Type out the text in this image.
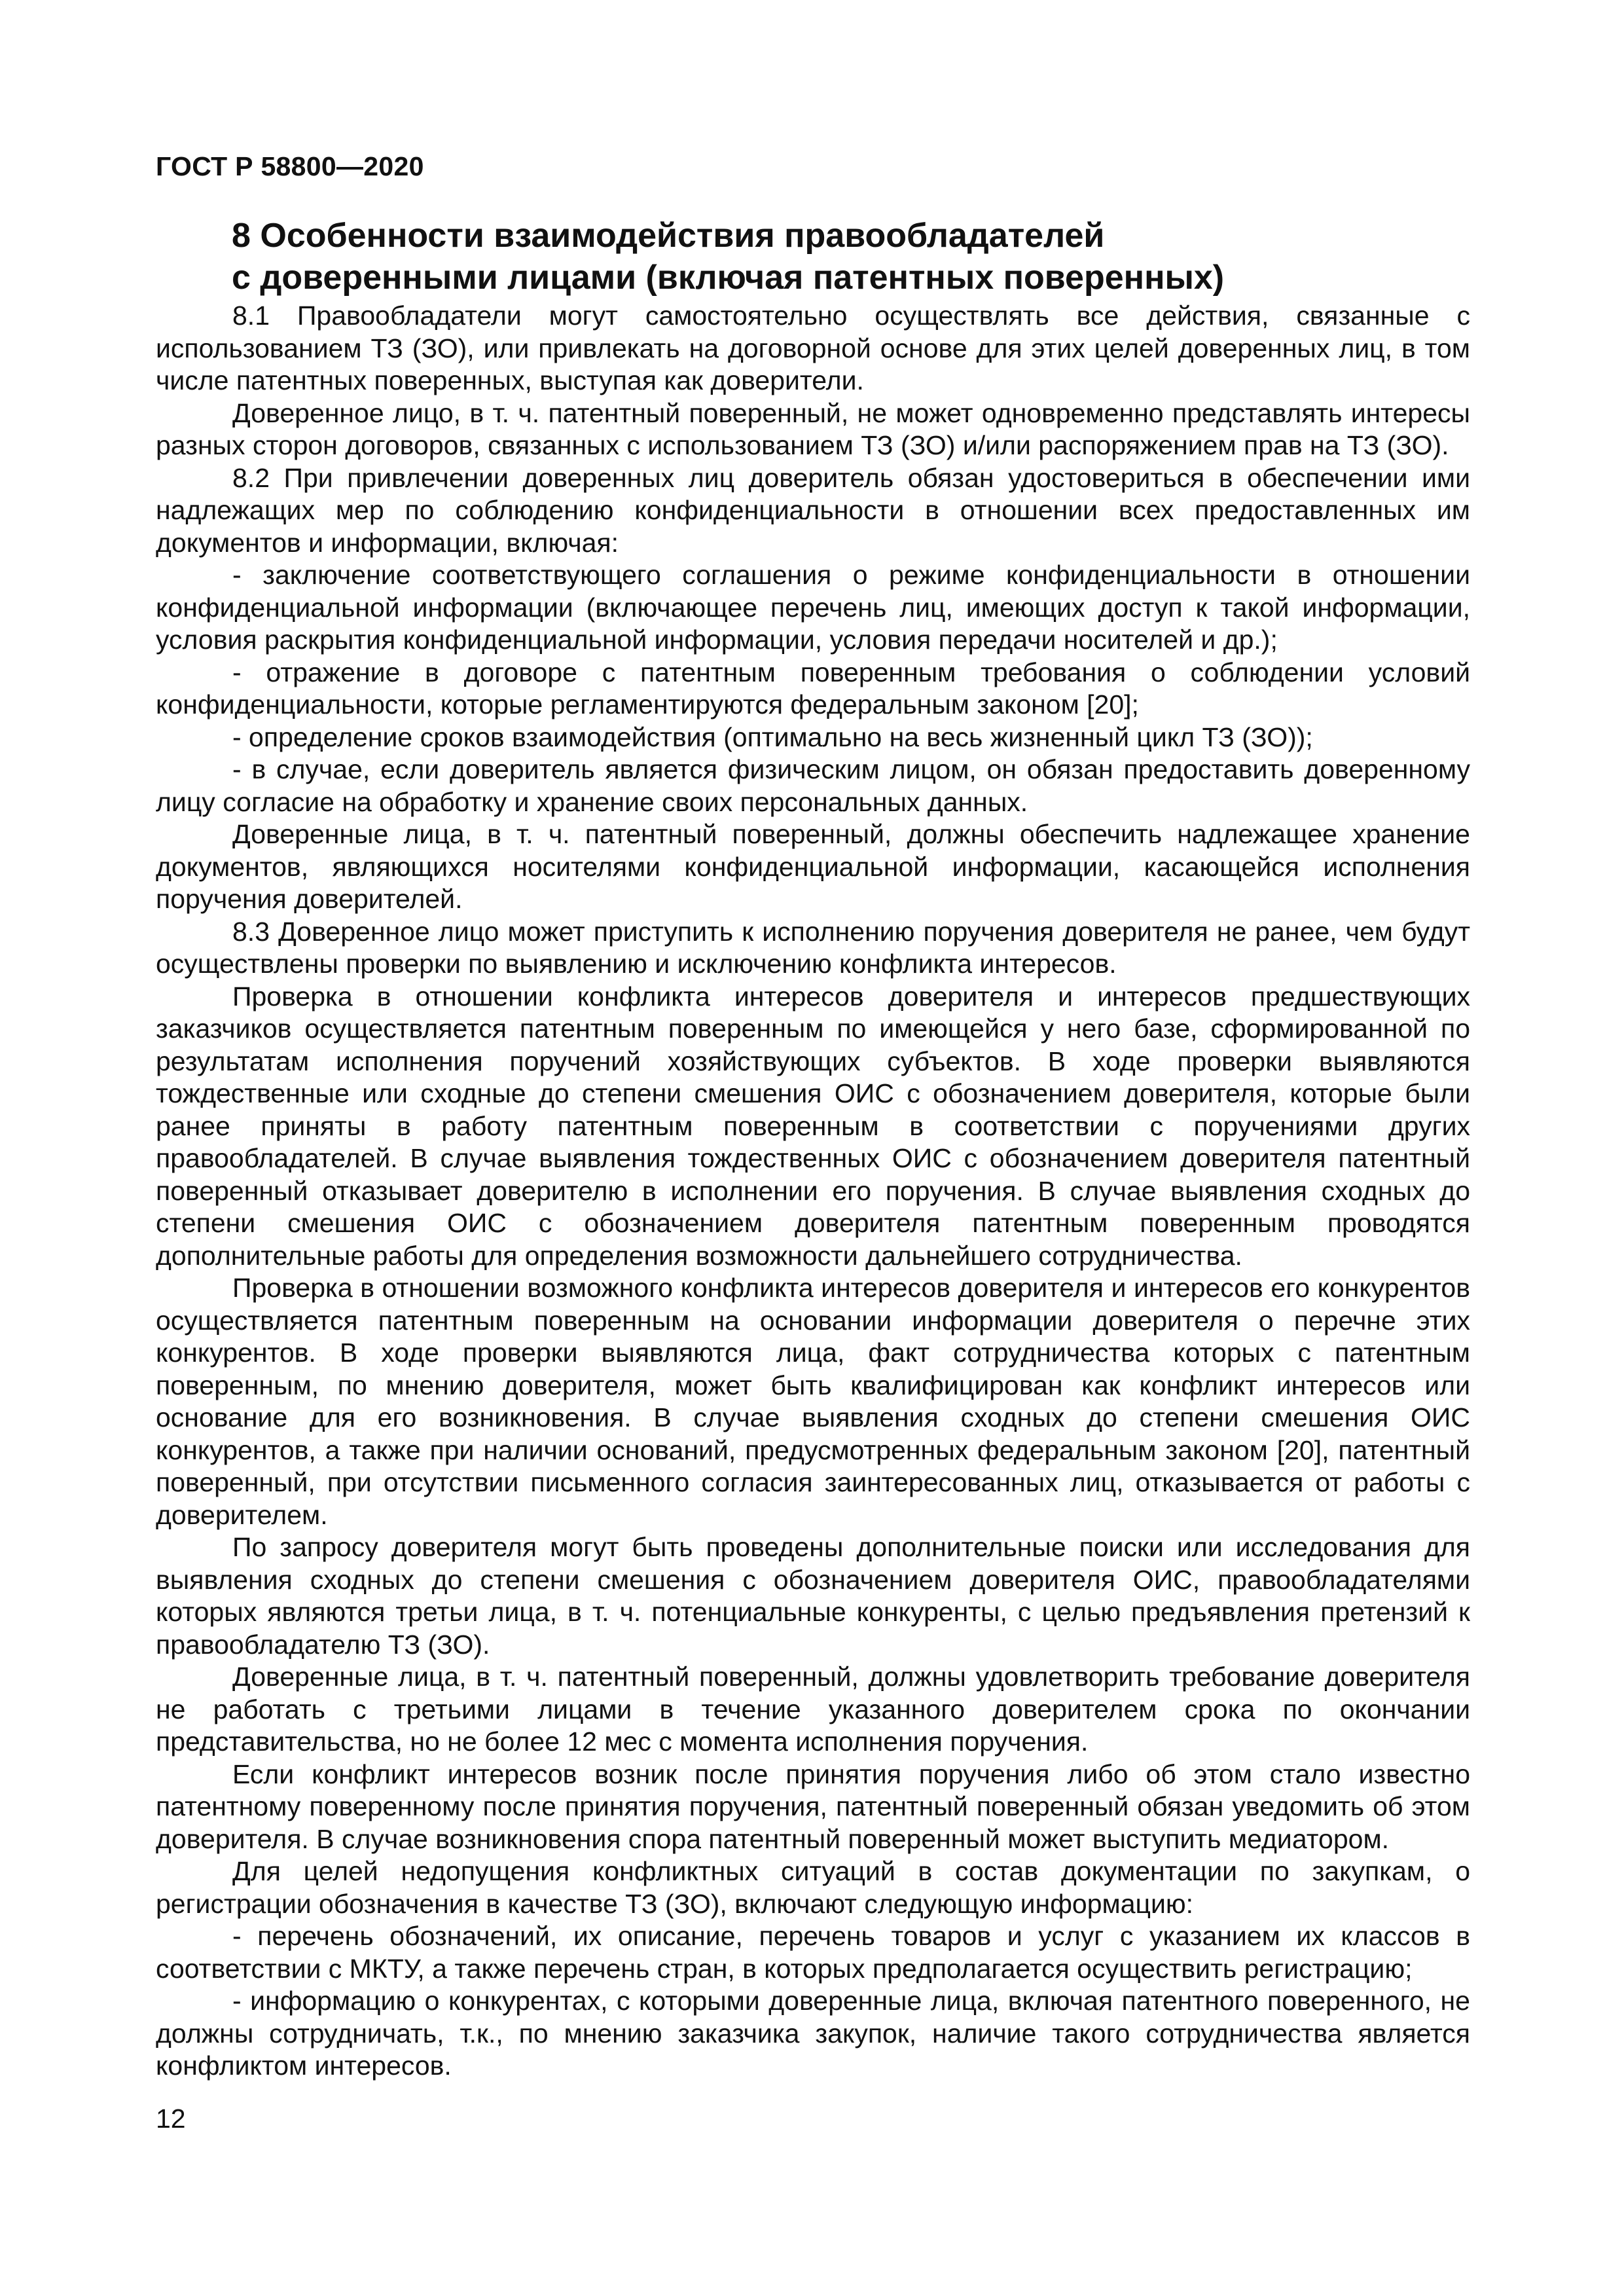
ГОСТ Р 58800—2020
8 Особенности взаимодействия правообладателей
с доверенными лицами (включая патентных поверенных)

8.1 Правообладатели могут самостоятельно осуществлять все действия, связанные с использованием ТЗ (ЗО), или привлекать на договорной основе для этих целей доверенных лиц, в том числе патентных поверенных, выступая как доверители.

Доверенное лицо, в т. ч. патентный поверенный, не может одновременно представлять интересы разных сторон договоров, связанных с использованием ТЗ (ЗО) и/или распоряжением прав на ТЗ (ЗО).

8.2 При привлечении доверенных лиц доверитель обязан удостовериться в обеспечении ими надлежащих мер по соблюдению конфиденциальности в отношении всех предоставленных им документов и информации, включая:

- заключение соответствующего соглашения о режиме конфиденциальности в отношении конфиденциальной информации (включающее перечень лиц, имеющих доступ к такой информации, условия раскрытия конфиденциальной информации, условия передачи носителей и др.);

- отражение в договоре с патентным поверенным требования о соблюдении условий конфиденциальности, которые регламентируются федеральным законом [20];

- определение сроков взаимодействия (оптимально на весь жизненный цикл ТЗ (ЗО));

- в случае, если доверитель является физическим лицом, он обязан предоставить доверенному лицу согласие на обработку и хранение своих персональных данных.

Доверенные лица, в т. ч. патентный поверенный, должны обеспечить надлежащее хранение документов, являющихся носителями конфиденциальной информации, касающейся исполнения поручения доверителей.

8.3 Доверенное лицо может приступить к исполнению поручения доверителя не ранее, чем будут осуществлены проверки по выявлению и исключению конфликта интересов.

Проверка в отношении конфликта интересов доверителя и интересов предшествующих заказчиков осуществляется патентным поверенным по имеющейся у него базе, сформированной по результатам исполнения поручений хозяйствующих субъектов. В ходе проверки выявляются тождественные или сходные до степени смешения ОИС с обозначением доверителя, которые были ранее приняты в работу патентным поверенным в соответствии с поручениями других правообладателей. В случае выявления тождественных ОИС с обозначением доверителя патентный поверенный отказывает доверителю в исполнении его поручения. В случае выявления сходных до степени смешения ОИС с обозначением доверителя патентным поверенным проводятся дополнительные работы для определения возможности дальнейшего сотрудничества.

Проверка в отношении возможного конфликта интересов доверителя и интересов его конкурентов осуществляется патентным поверенным на основании информации доверителя о перечне этих конкурентов. В ходе проверки выявляются лица, факт сотрудничества которых с патентным поверенным, по мнению доверителя, может быть квалифицирован как конфликт интересов или основание для его возникновения. В случае выявления сходных до степени смешения ОИС конкурентов, а также при наличии оснований, предусмотренных федеральным законом [20], патентный поверенный, при отсутствии письменного согласия заинтересованных лиц, отказывается от работы с доверителем.

По запросу доверителя могут быть проведены дополнительные поиски или исследования для выявления сходных до степени смешения с обозначением доверителя ОИС, правообладателями которых являются третьи лица, в т. ч. потенциальные конкуренты, с целью предъявления претензий к правообладателю ТЗ (ЗО).

Доверенные лица, в т. ч. патентный поверенный, должны удовлетворить требование доверителя не работать с третьими лицами в течение указанного доверителем срока по окончании представительства, но не более 12 мес с момента исполнения поручения.

Если конфликт интересов возник после принятия поручения либо об этом стало известно патентному поверенному после принятия поручения, патентный поверенный обязан уведомить об этом доверителя. В случае возникновения спора патентный поверенный может выступить медиатором.

Для целей недопущения конфликтных ситуаций в состав документации по закупкам, о регистрации обозначения в качестве ТЗ (ЗО), включают следующую информацию:

- перечень обозначений, их описание, перечень товаров и услуг с указанием их классов в соответствии с МКТУ, а также перечень стран, в которых предполагается осуществить регистрацию;

- информацию о конкурентах, с которыми доверенные лица, включая патентного поверенного, не должны сотрудничать, т.к., по мнению заказчика закупок, наличие такого сотрудничества является конфликтом интересов.

12
